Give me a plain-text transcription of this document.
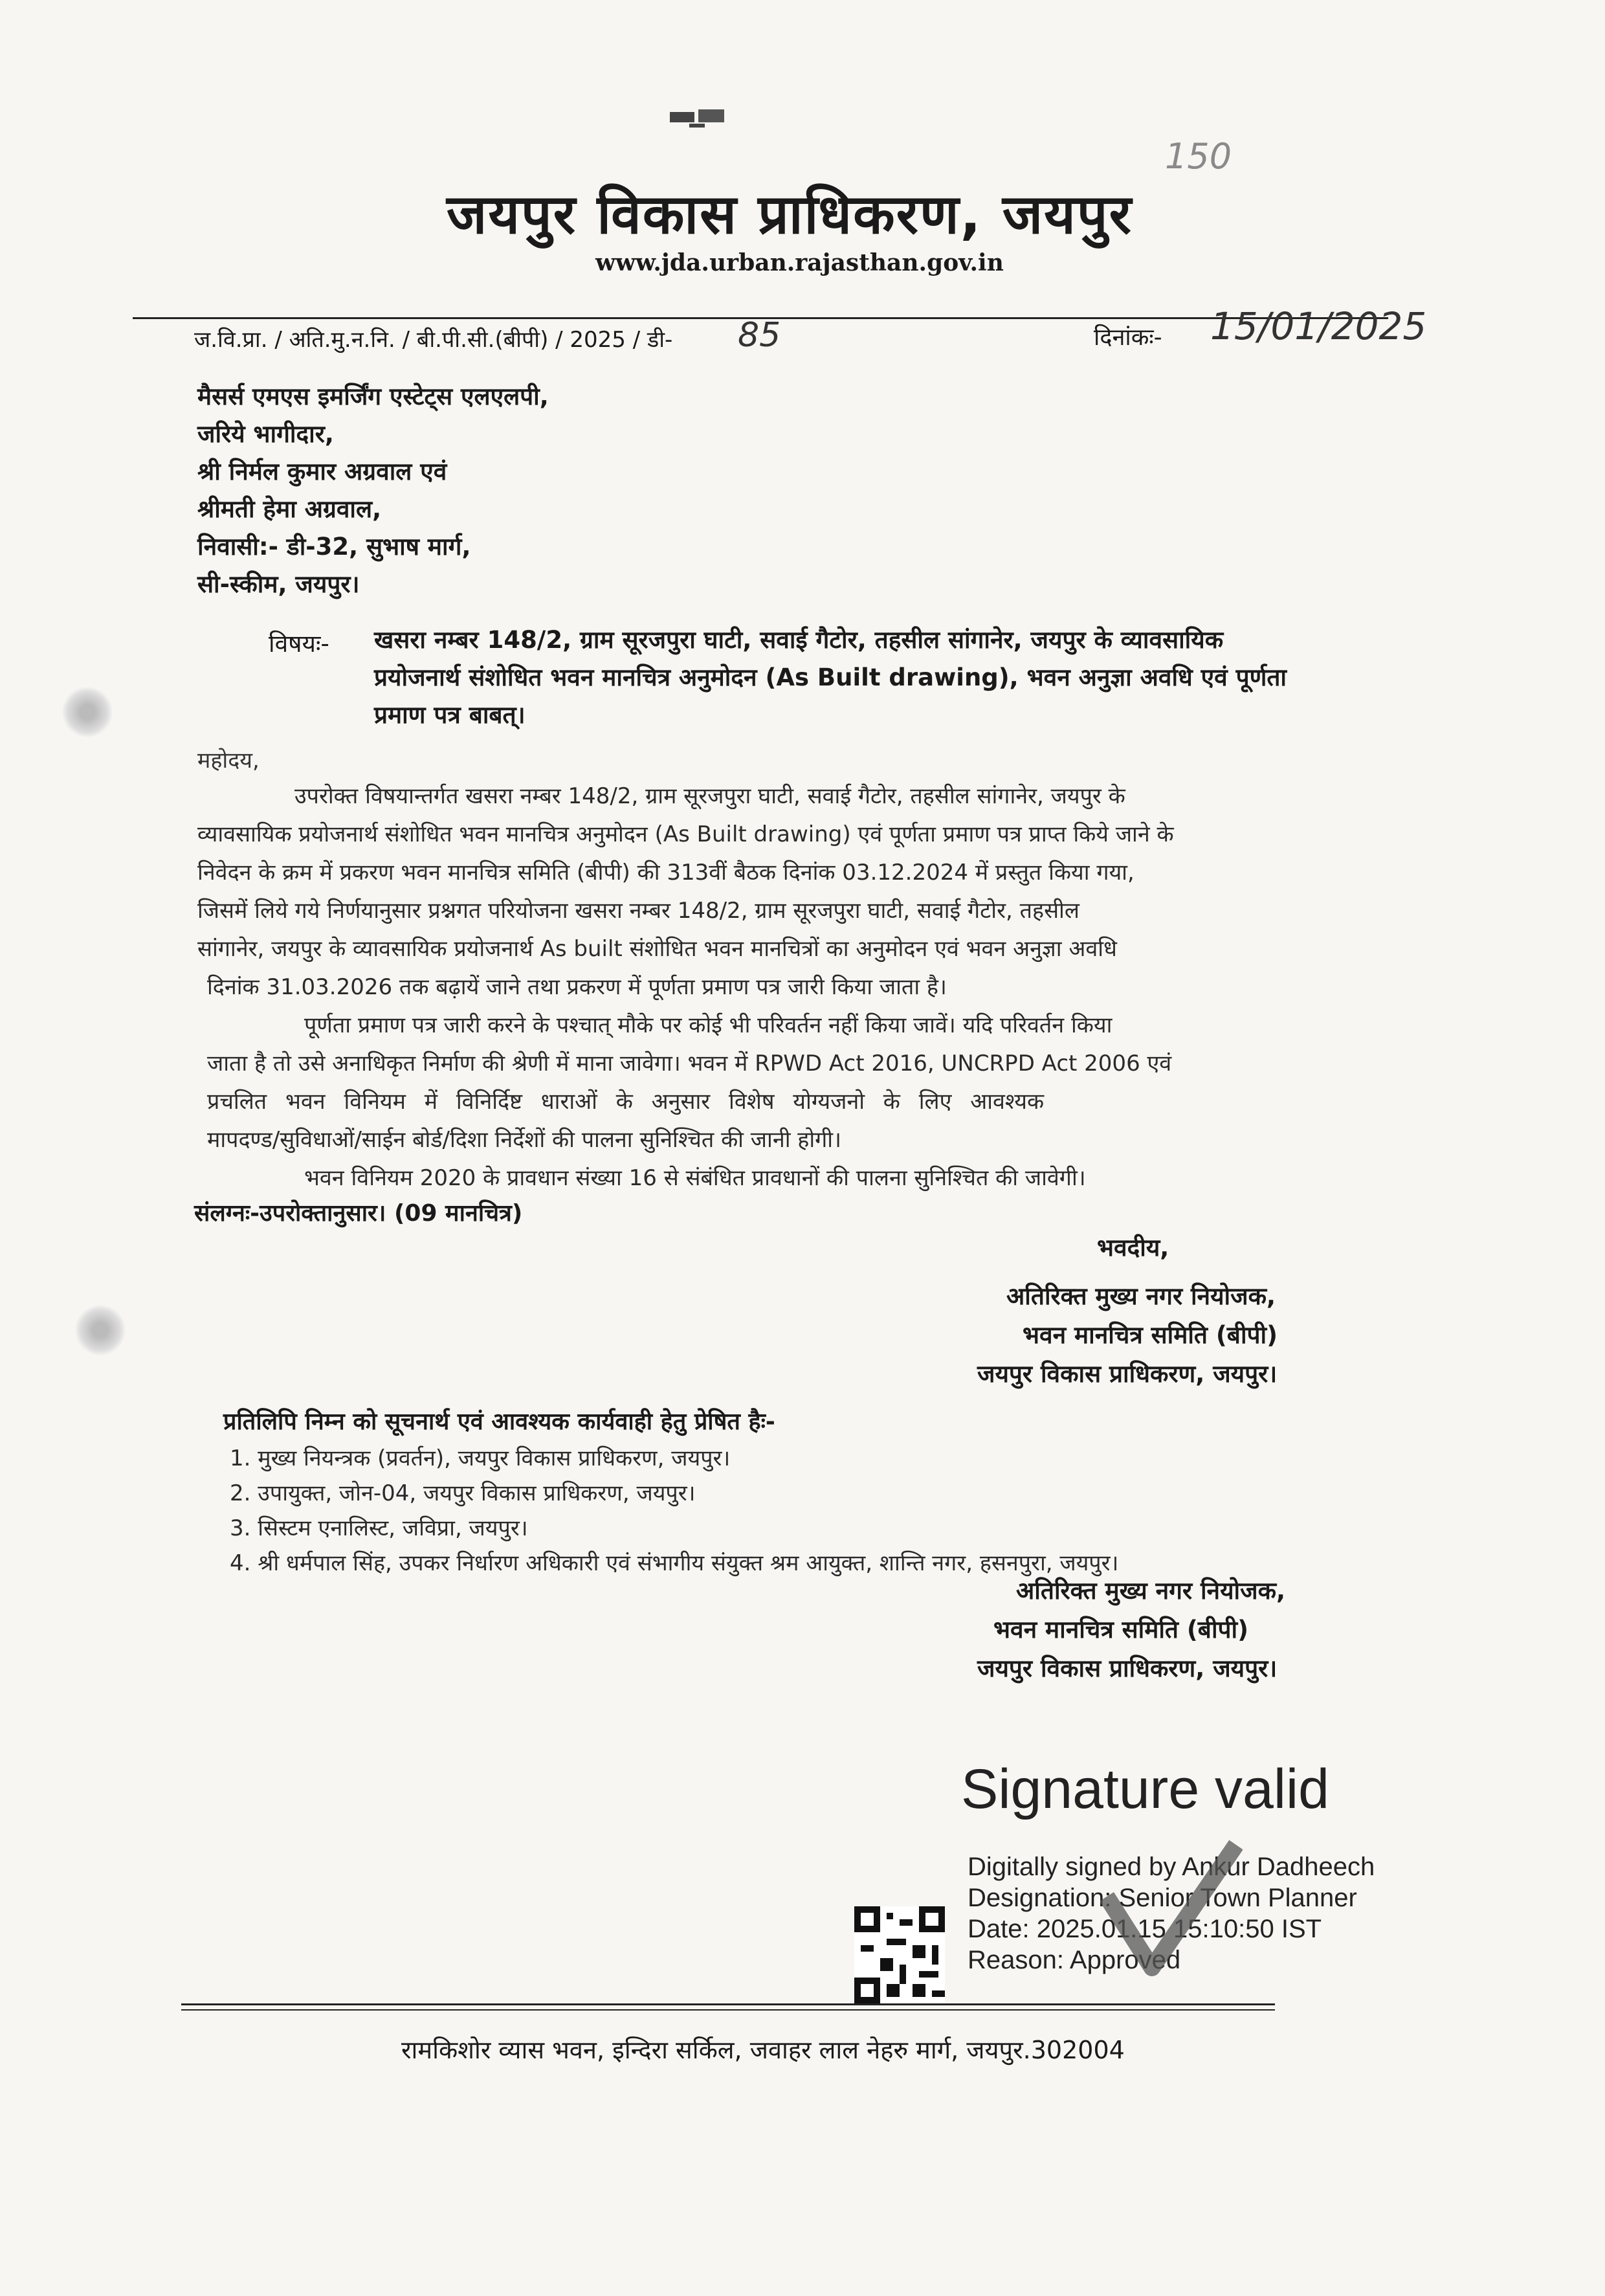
150
जयपुर विकास प्राधिकरण, जयपुर
www.jda.urban.rajasthan.gov.in
ज.वि.प्रा. / अति.मु.न.नि. / बी.पी.सी.(बीपी) / 2025 / डी- 85	दिनांकः- 15/01/2025
मैसर्स एमएस इमर्जिंग एस्टेट्स एलएलपी,
जरिये भागीदार,
श्री निर्मल कुमार अग्रवाल एवं
श्रीमती हेमा अग्रवाल,
निवासी:- डी-32, सुभाष मार्ग,
सी-स्कीम, जयपुर।
विषयः- खसरा नम्बर 148/2, ग्राम सूरजपुरा घाटी, सवाई गैटोर, तहसील सांगानेर, जयपुर के व्यावसायिक
प्रयोजनार्थ संशोधित भवन मानचित्र अनुमोदन (As Built drawing), भवन अनुज्ञा अवधि एवं पूर्णता
प्रमाण पत्र बाबत्।
महोदय,
उपरोक्त विषयान्तर्गत खसरा नम्बर 148/2, ग्राम सूरजपुरा घाटी, सवाई गैटोर, तहसील सांगानेर, जयपुर के
व्यावसायिक प्रयोजनार्थ संशोधित भवन मानचित्र अनुमोदन (As Built drawing) एवं पूर्णता प्रमाण पत्र प्राप्त किये जाने के
निवेदन के क्रम में प्रकरण भवन मानचित्र समिति (बीपी) की 313वीं बैठक दिनांक 03.12.2024 में प्रस्तुत किया गया,
जिसमें लिये गये निर्णयानुसार प्रश्नगत परियोजना खसरा नम्बर 148/2, ग्राम सूरजपुरा घाटी, सवाई गैटोर, तहसील
सांगानेर, जयपुर के व्यावसायिक प्रयोजनार्थ As built संशोधित भवन मानचित्रों का अनुमोदन एवं भवन अनुज्ञा अवधि
दिनांक 31.03.2026 तक बढ़ायें जाने तथा प्रकरण में पूर्णता प्रमाण पत्र जारी किया जाता है।
पूर्णता प्रमाण पत्र जारी करने के पश्चात् मौके पर कोई भी परिवर्तन नहीं किया जावें। यदि परिवर्तन किया
जाता है तो उसे अनाधिकृत निर्माण की श्रेणी में माना जावेगा। भवन में RPWD Act 2016, UNCRPD Act 2006 एवं
प्रचलित भवन विनियम में विनिर्दिष्ट धाराओं के अनुसार विशेष योग्यजनो के लिए आवश्यक
मापदण्ड/सुविधाओं/साईन बोर्ड/दिशा निर्देशों की पालना सुनिश्चित की जानी होगी।
भवन विनियम 2020 के प्रावधान संख्या 16 से संबंधित प्रावधानों की पालना सुनिश्चित की जावेगी।
संलग्नः-उपरोक्तानुसार। (09 मानचित्र)
भवदीय,
अतिरिक्त मुख्य नगर नियोजक,
भवन मानचित्र समिति (बीपी)
जयपुर विकास प्राधिकरण, जयपुर।
प्रतिलिपि निम्न को सूचनार्थ एवं आवश्यक कार्यवाही हेतु प्रेषित हैः-
1. मुख्य नियन्त्रक (प्रवर्तन), जयपुर विकास प्राधिकरण, जयपुर।
2. उपायुक्त, जोन-04, जयपुर विकास प्राधिकरण, जयपुर।
3. सिस्टम एनालिस्ट, जविप्रा, जयपुर।
4. श्री धर्मपाल सिंह, उपकर निर्धारण अधिकारी एवं संभागीय संयुक्त श्रम आयुक्त, शान्ति नगर, हसनपुरा, जयपुर।
अतिरिक्त मुख्य नगर नियोजक,
भवन मानचित्र समिति (बीपी)
जयपुर विकास प्राधिकरण, जयपुर।
Signature valid
Digitally signed by Ankur Dadheech
Designation: Senior Town Planner
Date: 2025.01.15 15:10:50 IST
Reason: Approved
रामकिशोर व्यास भवन, इन्दिरा सर्किल, जवाहर लाल नेहरु मार्ग, जयपुर.302004
